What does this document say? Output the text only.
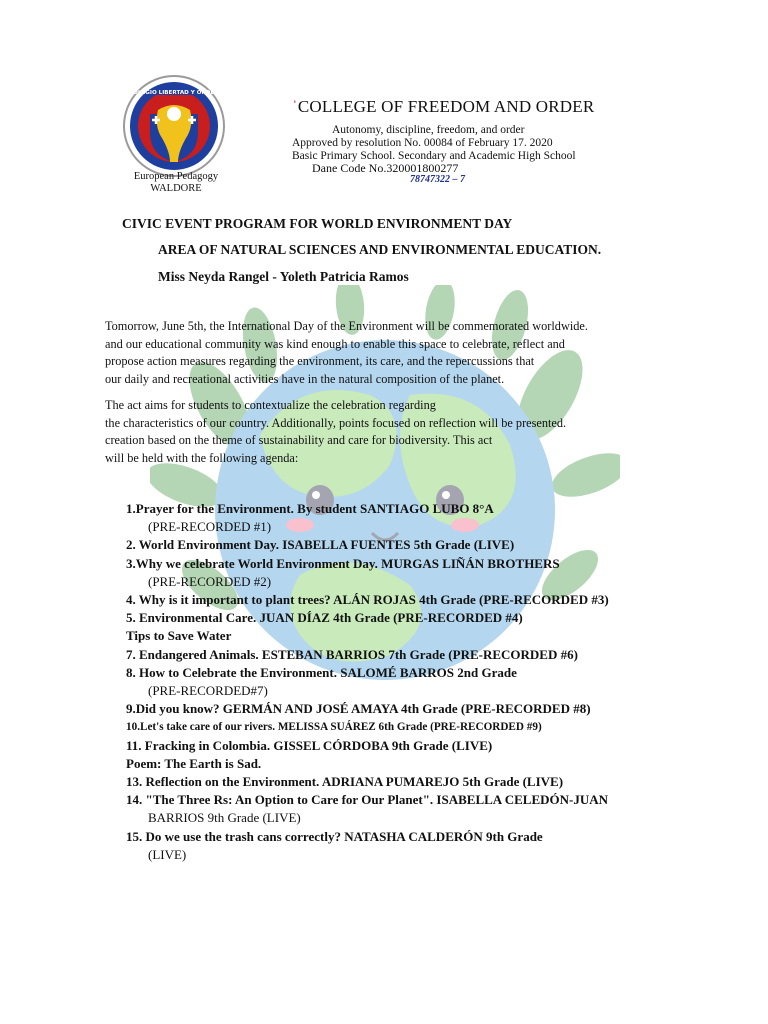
COLEGIO LIBERTAD Y ORDEN
European Pedagogy
WALDORE
ˈCOLLEGE OF FREEDOM AND ORDER
Autonomy, discipline, freedom, and order
Approved by resolution No. 00084 of February 17. 2020
Basic Primary School. Secondary and Academic High School
Dane Code No.320001800277
78747322 – 7
CIVIC EVENT PROGRAM FOR WORLD ENVIRONMENT DAY
AREA OF NATURAL SCIENCES AND ENVIRONMENTAL EDUCATION.
Miss Neyda Rangel - Yoleth Patricia Ramos
Tomorrow, June 5th, the International Day of the Environment will be commemorated worldwide.
and our educational community was kind enough to enable this space to celebrate, reflect and
propose action measures regarding the environment, its care, and the repercussions that
our daily and recreational activities have in the natural composition of the planet.
The act aims for students to contextualize the celebration regarding
the characteristics of our country. Additionally, points focused on reflection will be presented.
creation based on the theme of sustainability and care for biodiversity. This act
will be held with the following agenda:
1.Prayer for the Environment. By student SANTIAGO LUBO 8°A
(PRE-RECORDED #1)
2. World Environment Day. ISABELLA FUENTES 5th Grade (LIVE)
3.Why we celebrate World Environment Day. MURGAS LIÑÁN BROTHERS
(PRE-RECORDED #2)
4. Why is it important to plant trees? ALÁN ROJAS 4th Grade (PRE-RECORDED #3)
5. Environmental Care. JUAN DÍAZ 4th Grade (PRE-RECORDED #4)
Tips to Save Water
7. Endangered Animals. ESTEBAN BARRIOS 7th Grade (PRE-RECORDED #6)
8. How to Celebrate the Environment. SALOMÉ BARROS 2nd Grade
(PRE-RECORDED#7)
9.Did you know? GERMÁN AND JOSÉ AMAYA 4th Grade (PRE-RECORDED #8)
10.Let's take care of our rivers. MELISSA SUÁREZ 6th Grade (PRE-RECORDED #9)
11. Fracking in Colombia. GISSEL CÓRDOBA 9th Grade (LIVE)
Poem: The Earth is Sad.
13. Reflection on the Environment. ADRIANA PUMAREJO 5th Grade (LIVE)
14. "The Three Rs: An Option to Care for Our Planet". ISABELLA CELEDÓN-JUAN
BARRIOS 9th Grade (LIVE)
15. Do we use the trash cans correctly? NATASHA CALDERÓN 9th Grade
(LIVE)
